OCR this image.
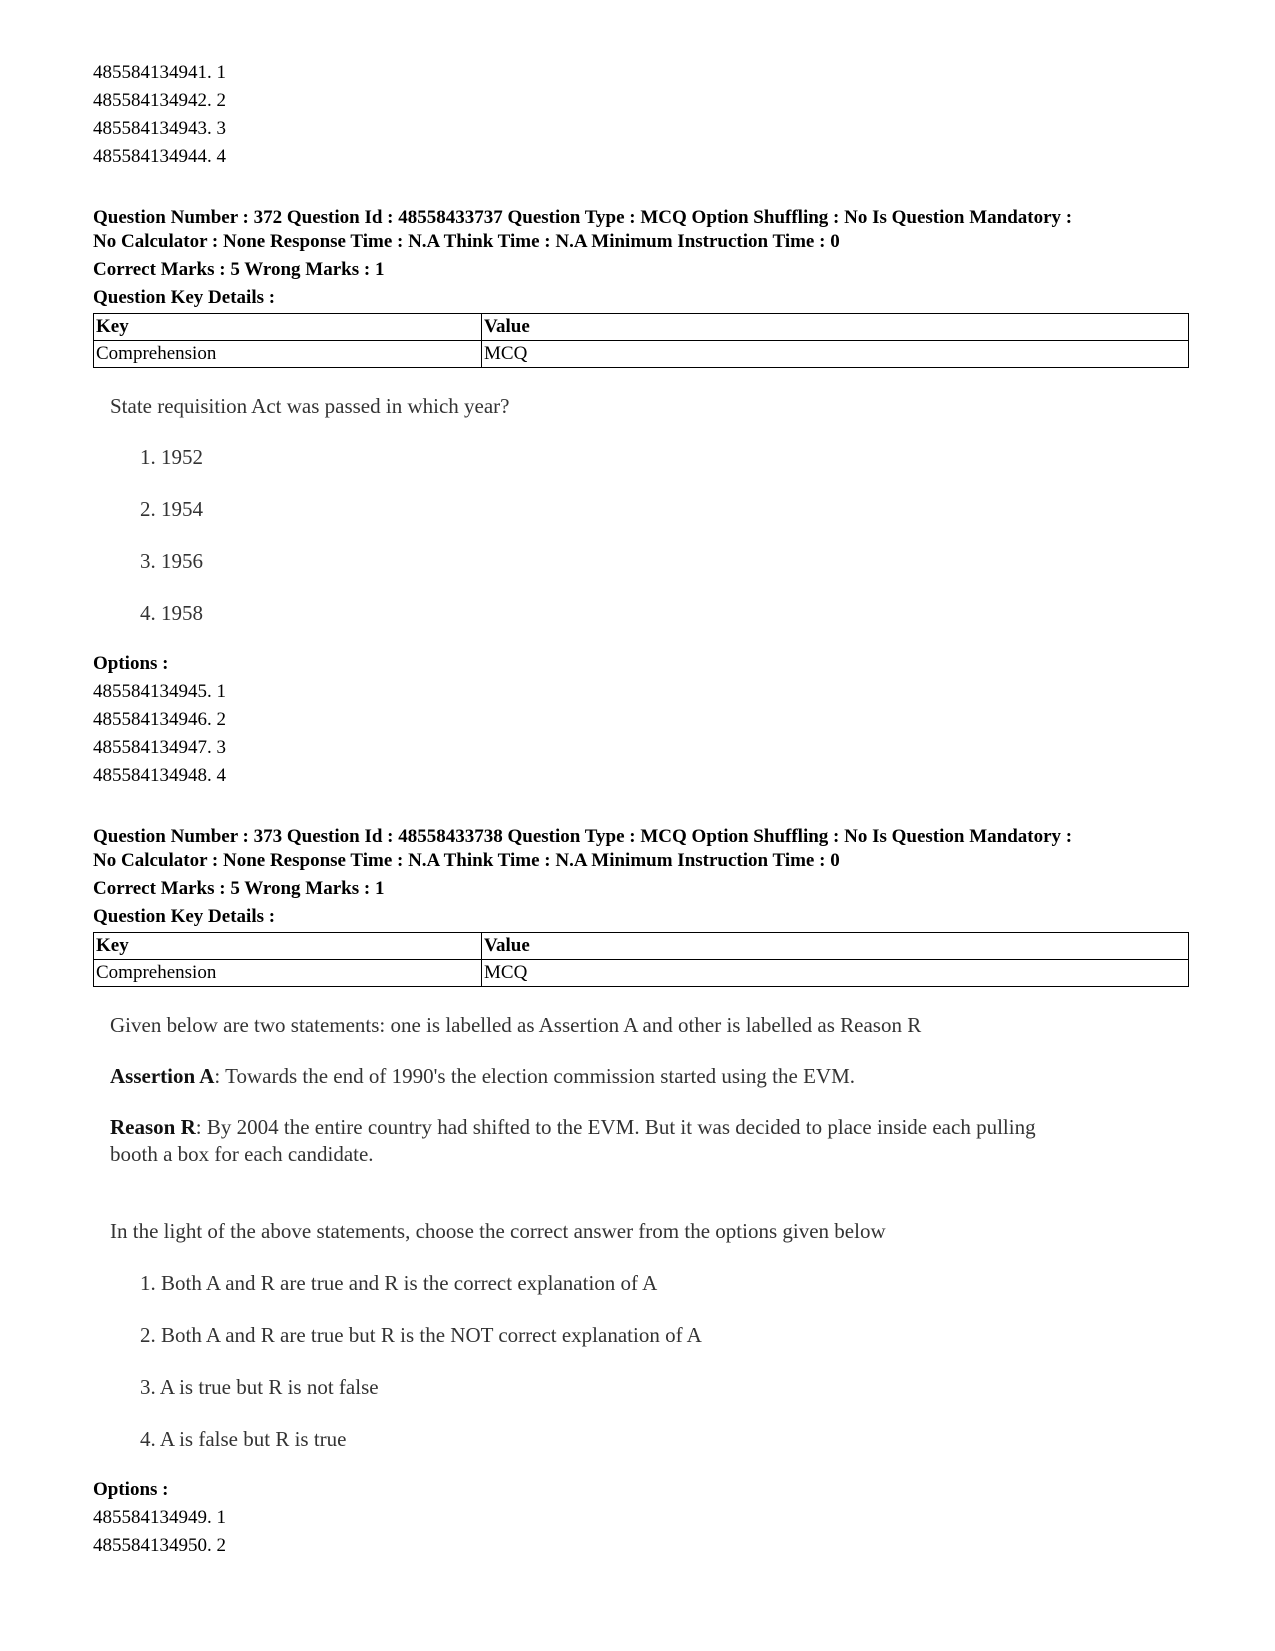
485584134941. 1
485584134942. 2
485584134943. 3
485584134944. 4
Question Number : 372 Question Id : 48558433737 Question Type : MCQ Option Shuffling : No Is Question Mandatory :
No Calculator : None Response Time : N.A Think Time : N.A Minimum Instruction Time : 0
Correct Marks : 5 Wrong Marks : 1
Question Key Details :
Key	Value
Comprehension	MCQ
State requisition Act was passed in which year?
1. 1952
2. 1954
3. 1956
4. 1958
Options :
485584134945. 1
485584134946. 2
485584134947. 3
485584134948. 4
Question Number : 373 Question Id : 48558433738 Question Type : MCQ Option Shuffling : No Is Question Mandatory :
No Calculator : None Response Time : N.A Think Time : N.A Minimum Instruction Time : 0
Correct Marks : 5 Wrong Marks : 1
Question Key Details :
Key	Value
Comprehension	MCQ
Given below are two statements: one is labelled as Assertion A and other is labelled as Reason R
Assertion A: Towards the end of 1990's the election commission started using the EVM.
Reason R: By 2004 the entire country had shifted to the EVM. But it was decided to place inside each pulling
booth a box for each candidate.
In the light of the above statements, choose the correct answer from the options given below
1. Both A and R are true and R is the correct explanation of A
2. Both A and R are true but R is the NOT correct explanation of A
3. A is true but R is not false
4. A is false but R is true
Options :
485584134949. 1
485584134950. 2
